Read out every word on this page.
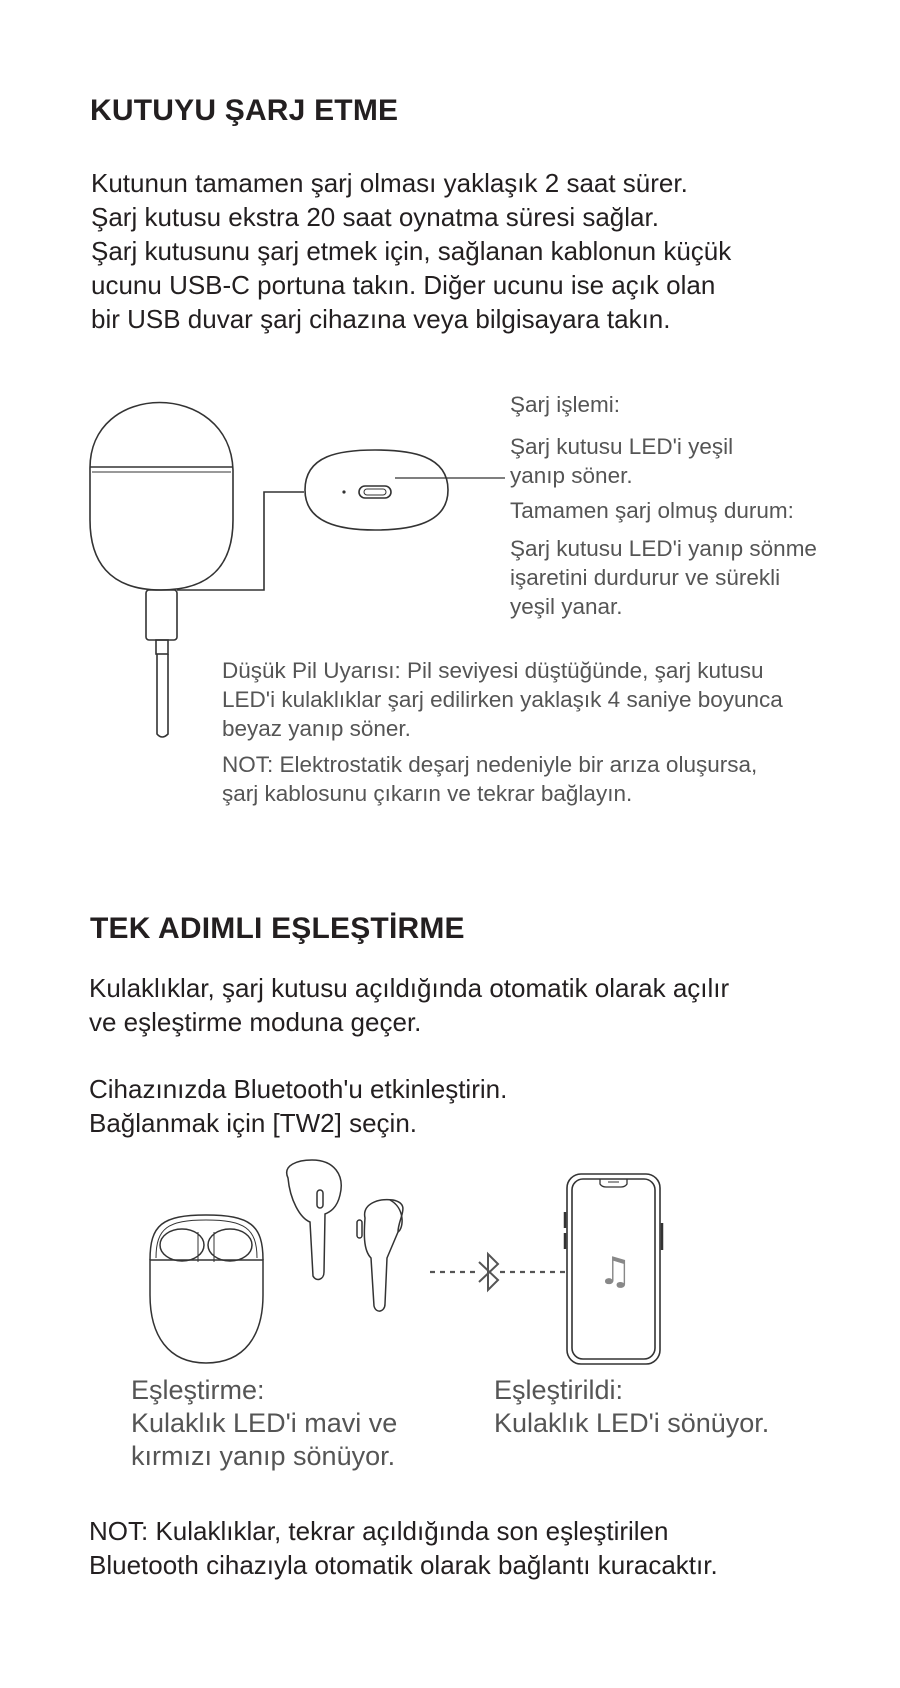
KUTUYU ŞARJ ETME
Kutunun tamamen şarj olması yaklaşık 2 saat sürer.
Şarj kutusu ekstra 20 saat oynatma süresi sağlar.
Şarj kutusunu şarj etmek için, sağlanan kablonun küçük
ucunu USB-C portuna takın. Diğer ucunu ise açık olan
bir USB duvar şarj cihazına veya bilgisayara takın.
Şarj işlemi:
Şarj kutusu LED'i yeşil
yanıp söner.
Tamamen şarj olmuş durum:
Şarj kutusu LED'i yanıp sönme
işaretini durdurur ve sürekli
yeşil yanar.
Düşük Pil Uyarısı: Pil seviyesi düştüğünde, şarj kutusu
LED'i kulaklıklar şarj edilirken yaklaşık 4 saniye boyunca
beyaz yanıp söner.
NOT: Elektrostatik deşarj nedeniyle bir arıza oluşursa,
şarj kablosunu çıkarın ve tekrar bağlayın.
TEK ADIMLI EŞLEŞTİRME
Kulaklıklar, şarj kutusu açıldığında otomatik olarak açılır
ve eşleştirme moduna geçer.
Cihazınızda Bluetooth'u etkinleştirin.
Bağlanmak için [TW2] seçin.
♫
Eşleştirme:
Kulaklık LED'i mavi ve
kırmızı yanıp sönüyor.
Eşleştirildi:
Kulaklık LED'i sönüyor.
NOT: Kulaklıklar, tekrar açıldığında son eşleştirilen
Bluetooth cihazıyla otomatik olarak bağlantı kuracaktır.
